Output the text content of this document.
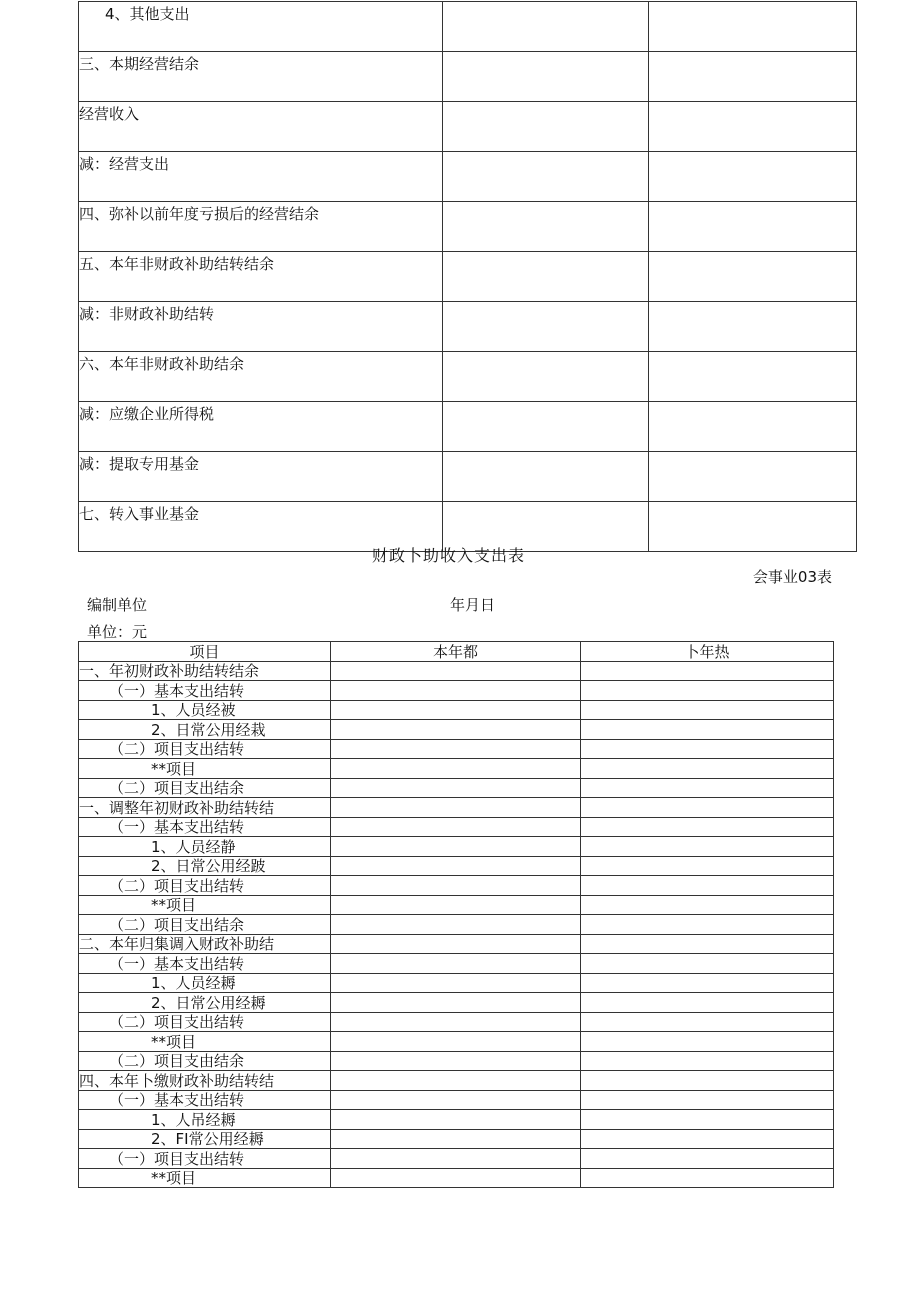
4、其他支出		
三、本期经营结余		
经营收入		
减：经营支出		
四、弥补以前年度亏损后的经营结余		
五、本年非财政补助结转结余		
减：非财政补助结转		
六、本年非财政补助结余		
减：应缴企业所得税		
减：提取专用基金		
七、转入事业基金		
财政卜助收入支出表
会事业03表
编制单位	年月日
单位：元
项目	本年都	卜年热
一、年初财政补助结转结余		
（一）基本支出结转		
1、人员经被		
2、日常公用经栽		
（二）项目支出结转		
**项目		
（二）项目支出结余		
一、调整年初财政补助结转结		
（一）基本支出结转		
1、人员经静		
2、日常公用经跛		
（二）项目支出结转		
**项目		
（二）项目支出结余		
二、本年归集调入财政补助结		
（一）基本支出结转		
1、人员经耨		
2、日常公用经耨		
（二）项目支出结转		
**项目		
（二）项目支由结余		
四、本年卜缴财政补助结转结		
（一）基本支出结转		
1、人吊经耨		
2、FI常公用经耨		
（一）项目支出结转		
**项目		
